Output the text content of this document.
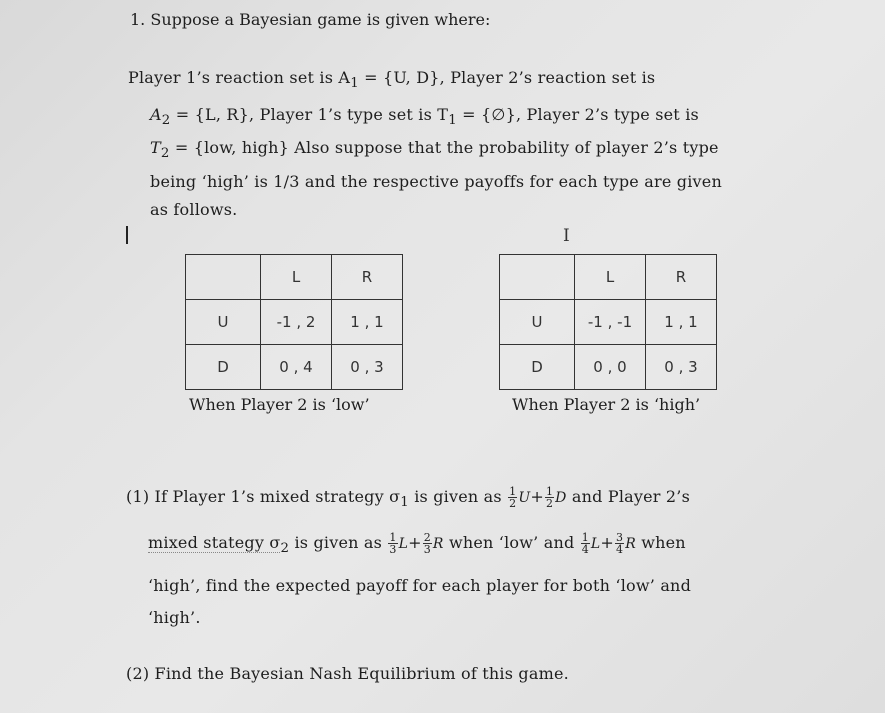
1. Suppose a Bayesian game is given where:
Player 1’s reaction set is $A_1 = \{U$, D}, Player 2’s reaction set is
$A_2 = \{L$, R}, Player 1’s type set is $T_1$ = {∅}, Player 2’s type set is
$T_2 = \{low$, high} Also suppose that the probability of player 2’s type
being ‘high’ is 1/3 and the respective payoffs for each type are given
as follows.
I
	L	R
U	-1 , 2	1 , 1
D	0 , 4	0 , 3
When Player 2 is ‘low’
	L	R
U	-1 , -1	1 , 1
D	0 , 0	0 , 3
When Player 2 is ‘high’
(1) If Player 1’s mixed strategy $\sigma_1$ is given as $\frac{1}{2} U+ \frac{1}{2}$ D and Player 2’s
mixed stategy $\sigma_2$ is given as $\frac{1}{3} L+ \frac{2}{3}$ R when ‘low’ and $\frac{1}{4} L+ \frac{3}{4}$ R when
‘high’, find the expected payoff for each player for both ‘low’ and
‘high’.
(2) Find the Bayesian Nash Equilibrium of this game.
